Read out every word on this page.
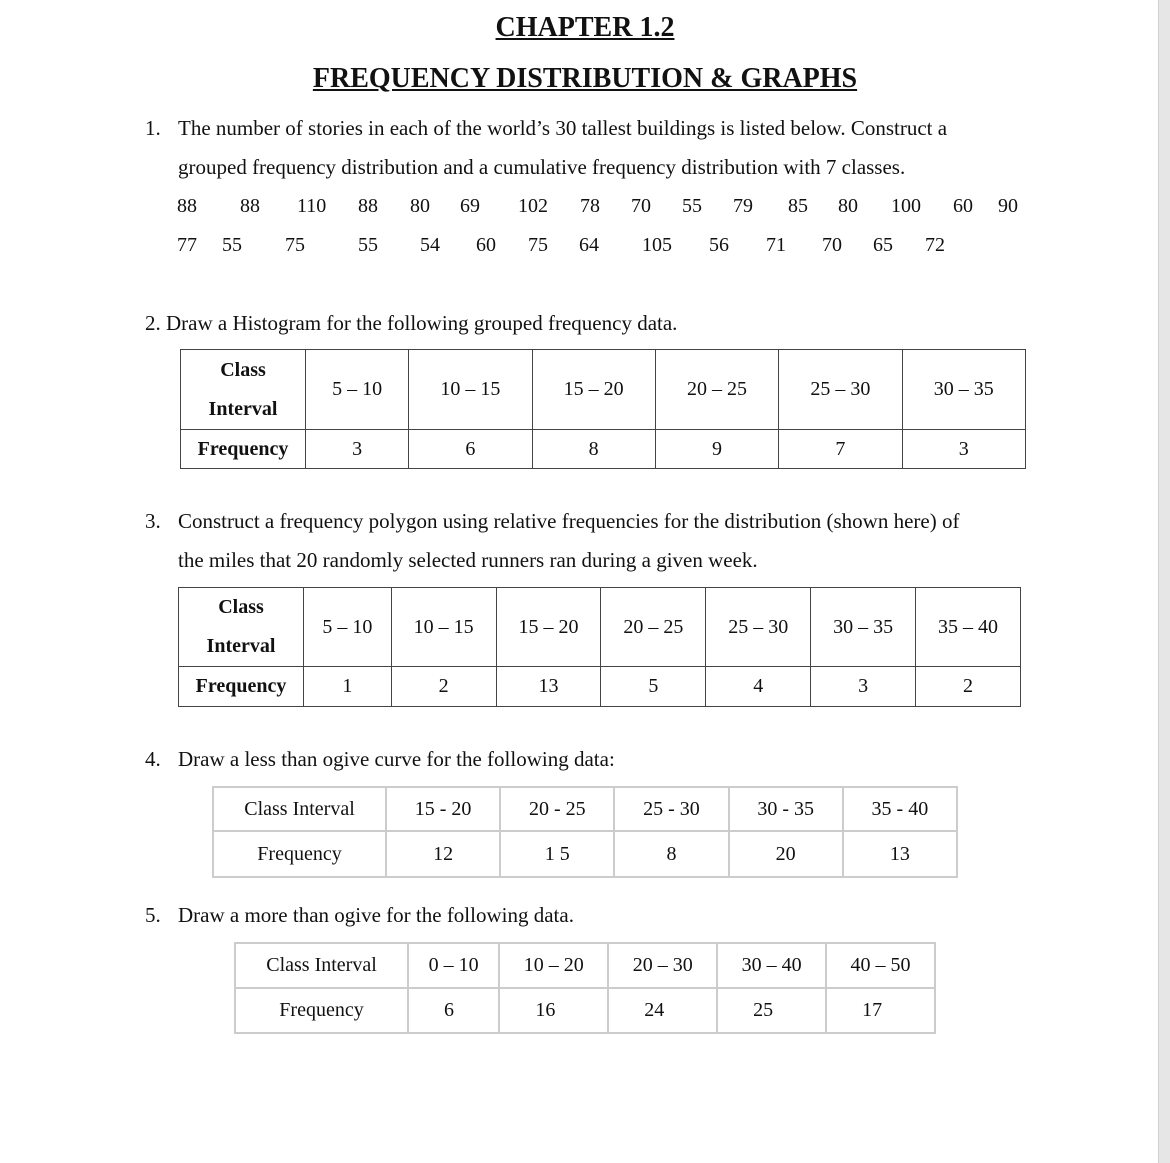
CHAPTER 1.2
FREQUENCY DISTRIBUTION & GRAPHS
1. The number of stories in each of the world’s 30 tallest buildings is listed below. Construct a
grouped frequency distribution and a cumulative frequency distribution with 7 classes.
88 88 110 88 80 69 102 78 70 55 79 85 80 100 60 90
77 55 75	55 54 60 75 64 105 56 71 70 65 72
2. Draw a Histogram for the following grouped frequency data.
Class
Interval	5 – 10	10 – 15	15 – 20	20 – 25	25 – 30	30 – 35
Frequency	3	6	8	9	7	3
3. Construct a frequency polygon using relative frequencies for the distribution (shown here) of
the miles that 20 randomly selected runners ran during a given week.
Class
Interval	5 – 10	10 – 15	15 – 20	20 – 25	25 – 30	30 – 35	35 – 40
Frequency	1	2	13	5	4	3	2
4. Draw a less than ogive curve for the following data:
Class Interval	15 - 20	20 - 25	25 - 30	30 - 35	35 - 40
Frequency	12	1 5	8	20	13
5. Draw a more than ogive for the following data.
Class Interval	0 – 10	10 – 20	20 – 30	30 – 40	40 – 50
Frequency	6	16	24	25	17
